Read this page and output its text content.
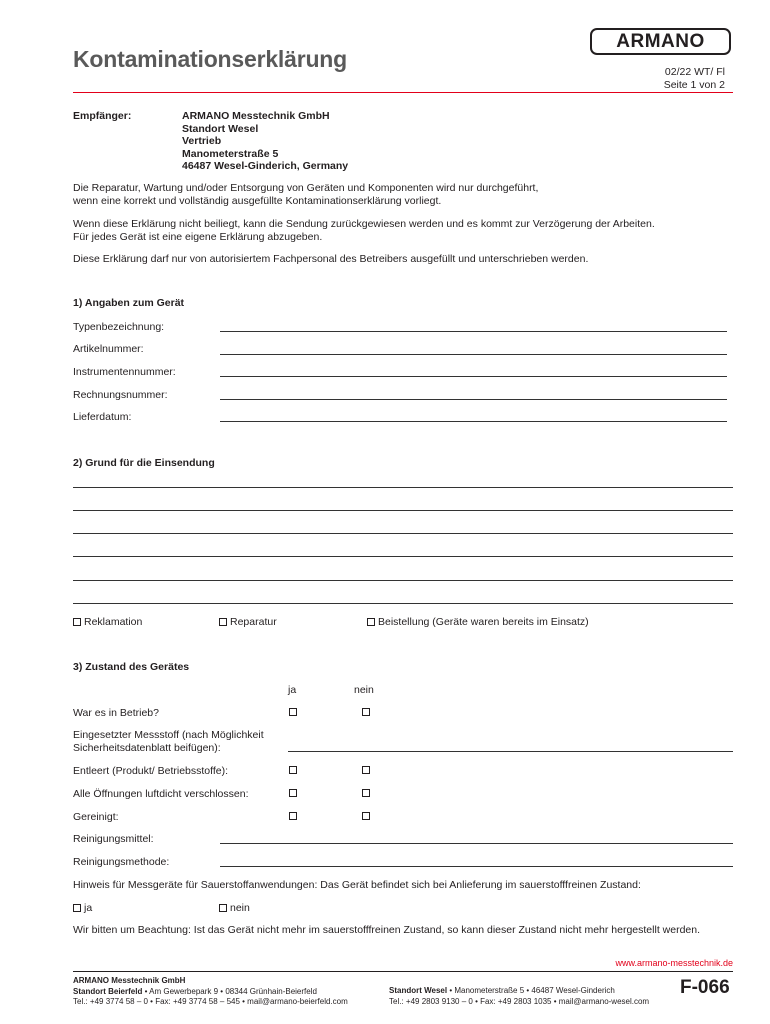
Kontaminationserklärung
ARMANO
02/22 WT/ Fl
Seite 1 von 2
Empfänger:	ARMANO Messtechnik GmbH
Standort Wesel
Vertrieb
Manometerstraße 5
46487 Wesel-Ginderich, Germany
Die Reparatur, Wartung und/oder Entsorgung von Geräten und Komponenten wird nur durchgeführt,
wenn eine korrekt und vollständig ausgefüllte Kontaminationserklärung vorliegt.
Wenn diese Erklärung nicht beiliegt, kann die Sendung zurückgewiesen werden und es kommt zur Verzögerung der Arbeiten.
Für jedes Gerät ist eine eigene Erklärung abzugeben.
Diese Erklärung darf nur von autorisiertem Fachpersonal des Betreibers ausgefüllt und unterschrieben werden.
1) Angaben zum Gerät
Typenbezeichnung:
Artikelnummer:
Instrumentennummer:
Rechnungsnummer:
Lieferdatum:
2) Grund für die Einsendung
Reklamation	Reparatur	Beistellung (Geräte waren bereits im Einsatz)
3) Zustand des Gerätes
ja	nein
War es in Betrieb?
Eingesetzter Messstoff (nach Möglichkeit
Sicherheitsdatenblatt beifügen):
Entleert (Produkt/ Betriebsstoffe):
Alle Öffnungen luftdicht verschlossen:
Gereinigt:
Reinigungsmittel:
Reinigungsmethode:
Hinweis für Messgeräte für Sauerstoffanwendungen: Das Gerät befindet sich bei Anlieferung im sauerstofffreinen Zustand:
ja	nein
Wir bitten um Beachtung: Ist das Gerät nicht mehr im sauerstofffreinen Zustand, so kann dieser Zustand nicht mehr hergestellt werden.
www.armano-messtechnik.de
ARMANO Messtechnik GmbH
Standort Beierfeld • Am Gewerbepark 9 • 08344 Grünhain-Beierfeld
Tel.: +49 3774 58 – 0 • Fax: +49 3774 58 – 545 • mail@armano-beierfeld.com
Standort Wesel • Manometerstraße 5 • 46487 Wesel-Ginderich
Tel.: +49 2803 9130 – 0 • Fax: +49 2803 1035 • mail@armano-wesel.com
F-066
